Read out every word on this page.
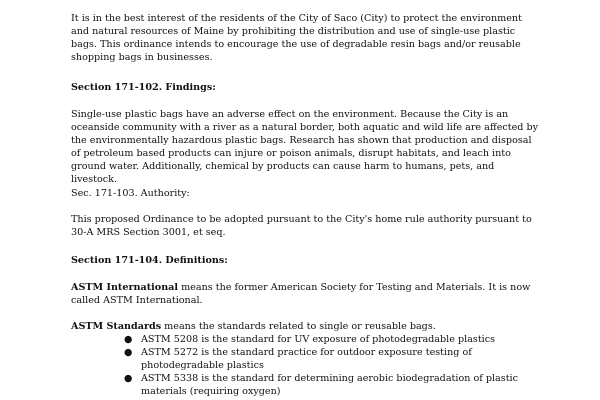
It is in the best interest of the residents of the City of Saco (City) to protect the environment and natural resources of Maine by prohibiting the distribution and use of single-use plastic bags. This ordinance intends to encourage the use of degradable resin bags and/or reusable shopping bags in businesses.

Section 171-102. Findings:

Single-use plastic bags have an adverse effect on the environment. Because the City is an oceanside community with a river as a natural border, both aquatic and wild life are affected by the environmentally hazardous plastic bags. Research has shown that production and disposal of petroleum based products can injure or poison animals, disrupt habitats, and leach into ground water. Additionally, chemical by products can cause harm to humans, pets, and livestock.

Sec. 171-103. Authority:

This proposed Ordinance to be adopted pursuant to the City's home rule authority pursuant to 30-A MRS Section 3001, et seq.

Section 171-104. Definitions:

ASTM International means the former American Society for Testing and Materials. It is now called ASTM International.

ASTM Standards means the standards related to single or reusable bags.

● ASTM 5208 is the standard for UV exposure of photodegradable plastics
● ASTM 5272 is the standard practice for outdoor exposure testing of photodegradable plastics
● ASTM 5338 is the standard for determining aerobic biodegradation of plastic materials (requiring oxygen)
